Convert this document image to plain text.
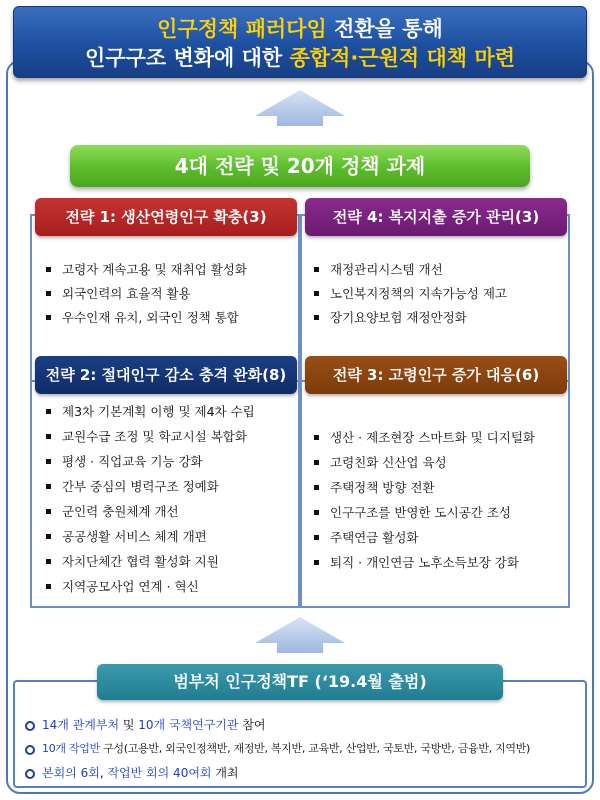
인구정책 패러다임 전환을 통해
인구구조 변화에 대한 종합적·근원적 대책 마련
4대 전략 및 20개 정책 과제
전략 1: 생산연령인구 확충(3)	전략 4: 복지지출 증가 관리(3)
전략 2: 절대인구 감소 충격 완화(8)	전략 3: 고령인구 증가 대응(6)
고령자 계속고용 및 재취업 활성화
외국인력의 효율적 활용
우수인재 유치, 외국인 정책 통합
재정관리시스템 개선
노인복지정책의 지속가능성 제고
장기요양보험 재정안정화
제3차 기본계획 이행 및 제4차 수립
교원수급 조정 및 학교시설 복합화
평생 · 직업교육 기능 강화
간부 중심의 병력구조 정예화
군인력 충원체계 개선
공공생활 서비스 체계 개편
자치단체간 협력 활성화 지원
지역공모사업 연계 · 혁신
생산 · 제조현장 스마트화 및 디지털화
고령친화 신산업 육성
주택정책 방향 전환
인구구조를 반영한 도시공간 조성
주택연금 활성화
퇴직 · 개인연금 노후소득보장 강화
범부처 인구정책TF (‘19.4월 출범)
14개 관계부처 및 10개 국책연구기관 참여
10개 작업반 구성(고용반, 외국인정책반, 재정반, 복지반, 교육반, 산업반, 국토반, 국방반, 금융반, 지역반)
본회의 6회, 작업반 회의 40여회 개최
